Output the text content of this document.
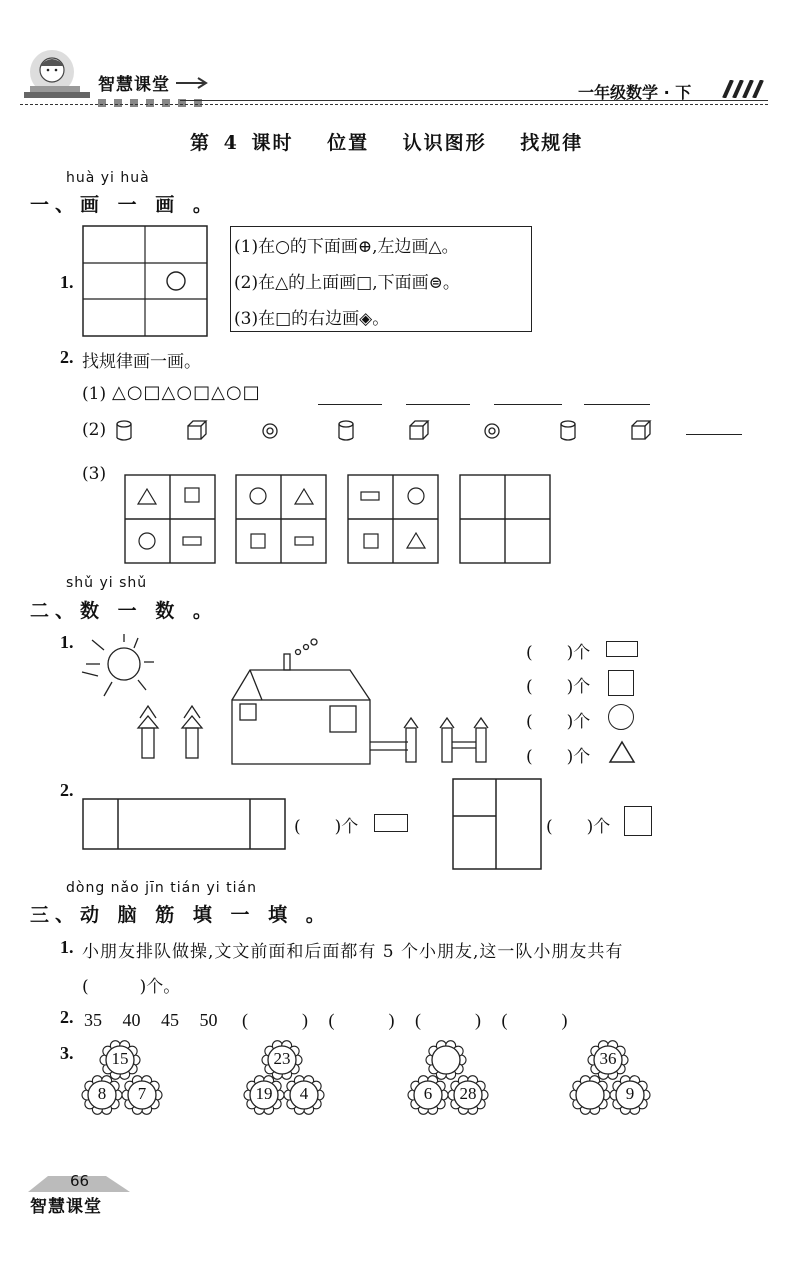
智慧课堂	一年级数学 · 下
第 4 课时　 位置　 认识图形　 找规律
huà yi huà
一、画 一 画 。
1.
(1)在○的下面画⊕,左边画△。
(2)在△的上面画□,下面画⊜。
(3)在□的右边画◈。
2. 找规律画一画。
(1) △○□△○□△○□
(2)
(3)
shǔ yi shǔ
二、数 一 数 。
1.
(　　)个
(　　)个
(　　)个
(　　)个
2.
(　　)个	(　　)个
dòng nǎo jīn tián yi tián
三、动 脑 筋 填 一 填 。
1. 小朋友排队做操,文文前面和后面都有 5 个小朋友,这一队小朋友共有
(　　　)个。
2. 35 40 45 50 (　　　) (　　　) (　　　) (　　　)
3. 15
8	7
23
19	4	6	28
36
9
66
智慧课堂
